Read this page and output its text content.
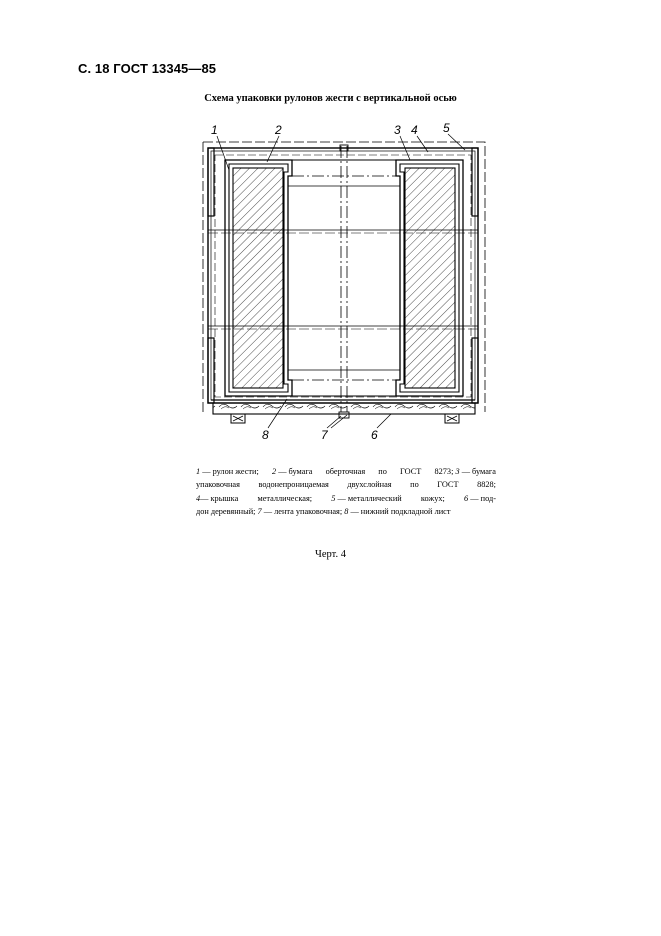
С. 18 ГОСТ 13345—85
Схема упаковки рулонов жести с вертикальной осью
1	2	3 4 5
6
7
8
1 — рулон жести; 2 — бумага оберточная по ГОСТ 8273; 3 — бумага
упаковочная водонепроницаемая двухслойная по ГОСТ 8828;
4— крышка металлическая; 5 — металлический кожух; 6 — под-
дон деревянный;
7
— лента упаковочная;
8
— нижний подкладной лист
Черт. 4
